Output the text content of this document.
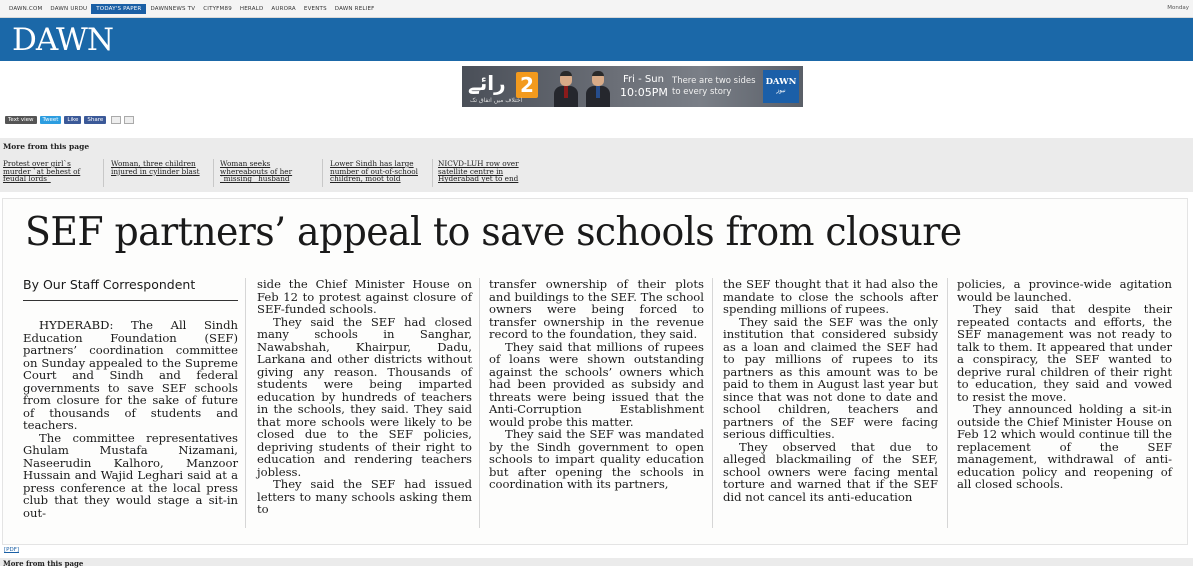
DAWN.COM	DAWN URDU	TODAY'S PAPER	DAWNNEWS TV	CITYFM89	HERALD	AURORA	EVENTS	DAWN RELIEF	Monday
DAWN
رائے 2
اختلاف میں اتفاق تک
Fri - Sun
10:05PM
There are two sides
to every story
DAWN
نیوز
Text view	Tweet	Like	Share
More from this page
Protest over girl`s murder `at behest of feudal lords`
Woman, three children injured in cylinder blast
Woman seeks whereabouts of her `missing` husband
Lower Sindh has large number of out-of-school children, moot told
NICVD-LUH row over satellite centre in Hyderabad yet to end
SEF partners’ appeal to save schools from closure
By Our Staff Correspondent

HYDERABD: The All Sindh Education Foundation (SEF) partners’ coordination committee on Sunday appealed to the Supreme Court and Sindh and federal governments to save SEF schools from closure for the sake of future of thousands of students and teachers.

The committee representatives Ghulam Mustafa Nizamani, Naseerudin Kalhoro, Manzoor Hussain and Wajid Leghari said at a press conference at the local press club that they would stage a sit-in out-

side the Chief Minister House on Feb 12 to protest against closure of SEF-funded schools.

They said the SEF had closed many schools in Sanghar, Nawabshah, Khairpur, Dadu, Larkana and other districts without giving any reason. Thousands of students were being imparted education by hundreds of teachers in the schools, they said. They said that more schools were likely to be closed due to the SEF policies, depriving students of their right to education and rendering teachers jobless.

They said the SEF had issued letters to many schools asking them to

transfer ownership of their plots and buildings to the SEF. The school owners were being forced to transfer ownership in the revenue record to the foundation, they said.

They said that millions of rupees of loans were shown outstanding against the schools’ owners which had been provided as subsidy and threats were being issued that the Anti-Corruption Establishment would probe this matter.

They said the SEF was mandated by the Sindh government to open schools to impart quality education but after opening the schools in coordination with its partners,

the SEF thought that it had also the mandate to close the schools after spending millions of rupees.

They said the SEF was the only institution that considered subsidy as a loan and claimed the SEF had to pay millions of rupees to its partners as this amount was to be paid to them in August last year but since that was not done to date and school children, teachers and partners of the SEF were facing serious difficulties.

They observed that due to alleged blackmailing of the SEF, school owners were facing mental torture and warned that if the SEF did not cancel its anti-education

policies, a province-wide agitation would be launched.

They said that despite their repeated contacts and efforts, the SEF management was not ready to talk to them. It appeared that under a conspiracy, the SEF wanted to deprive rural children of their right to education, they said and vowed to resist the move.

They announced holding a sit-in outside the Chief Minister House on Feb 12 which would continue till the replacement of the SEF management, withdrawal of anti-education policy and reopening of all closed schools.

[PDF]
More from this page
